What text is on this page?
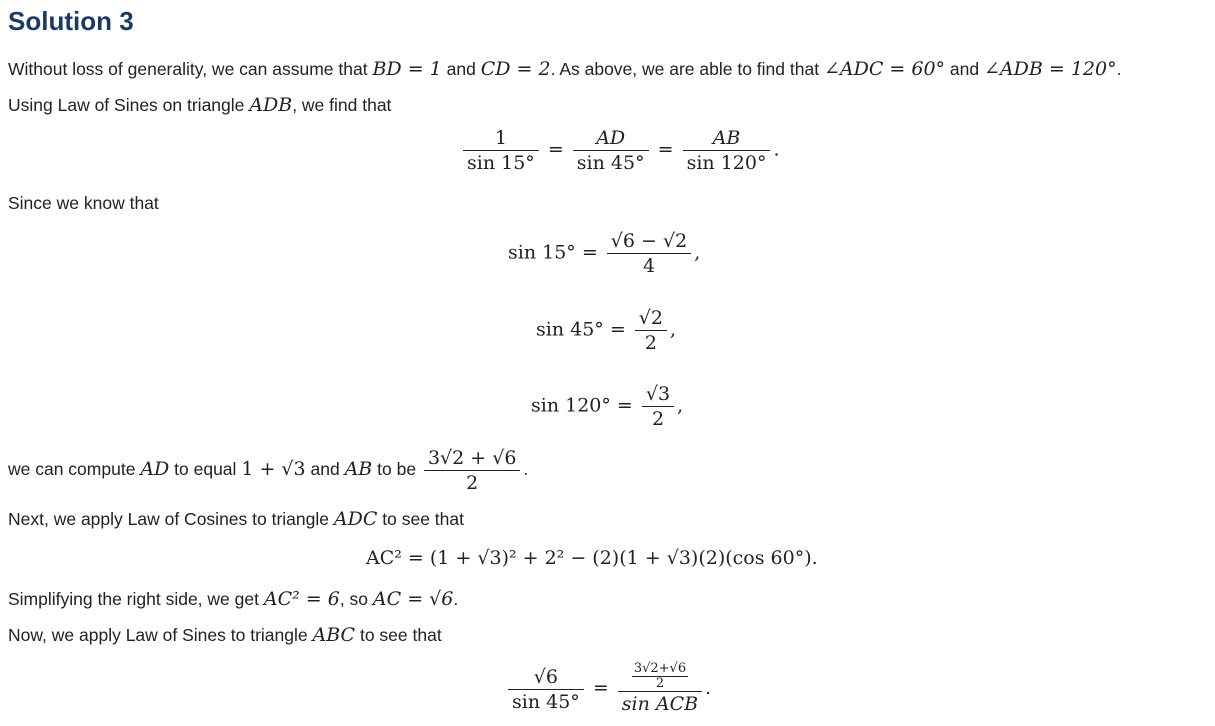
Solution 3
Without loss of generality, we can assume that BD = 1 and CD = 2. As above, we are able to find that ∠ADC = 60° and ∠ADB = 120°.
Using Law of Sines on triangle ADB, we find that
$\frac{1}{\sin 15^\circ} = \frac{AD}{\sin 45^\circ} = \frac{AB}{\sin 120^\circ}$ .
Since we know that
$\sin 15^\circ = \frac{√6 - √2}{4}$ ,
$\sin 45^\circ = \frac{√2}{2}$ ,
$\sin 120^\circ = \frac{√3}{2}$ ,
we can compute AD to equal 1 + √3 and AB to be $\frac{3√2 + √6}{2}$ .
Next, we apply Law of Cosines to triangle ADC to see that
AC² = (1 + √3)² + 2² − (2)(1 + √3)(2)(cos 60°).
Simplifying the right side, we get AC² = 6, so AC = √6.
Now, we apply Law of Sines to triangle ABC to see that
$\frac{√6}{\sin 45^\circ} = \frac{\frac{3√2+√6}{2}}{\text{sin ACB}}$ .
